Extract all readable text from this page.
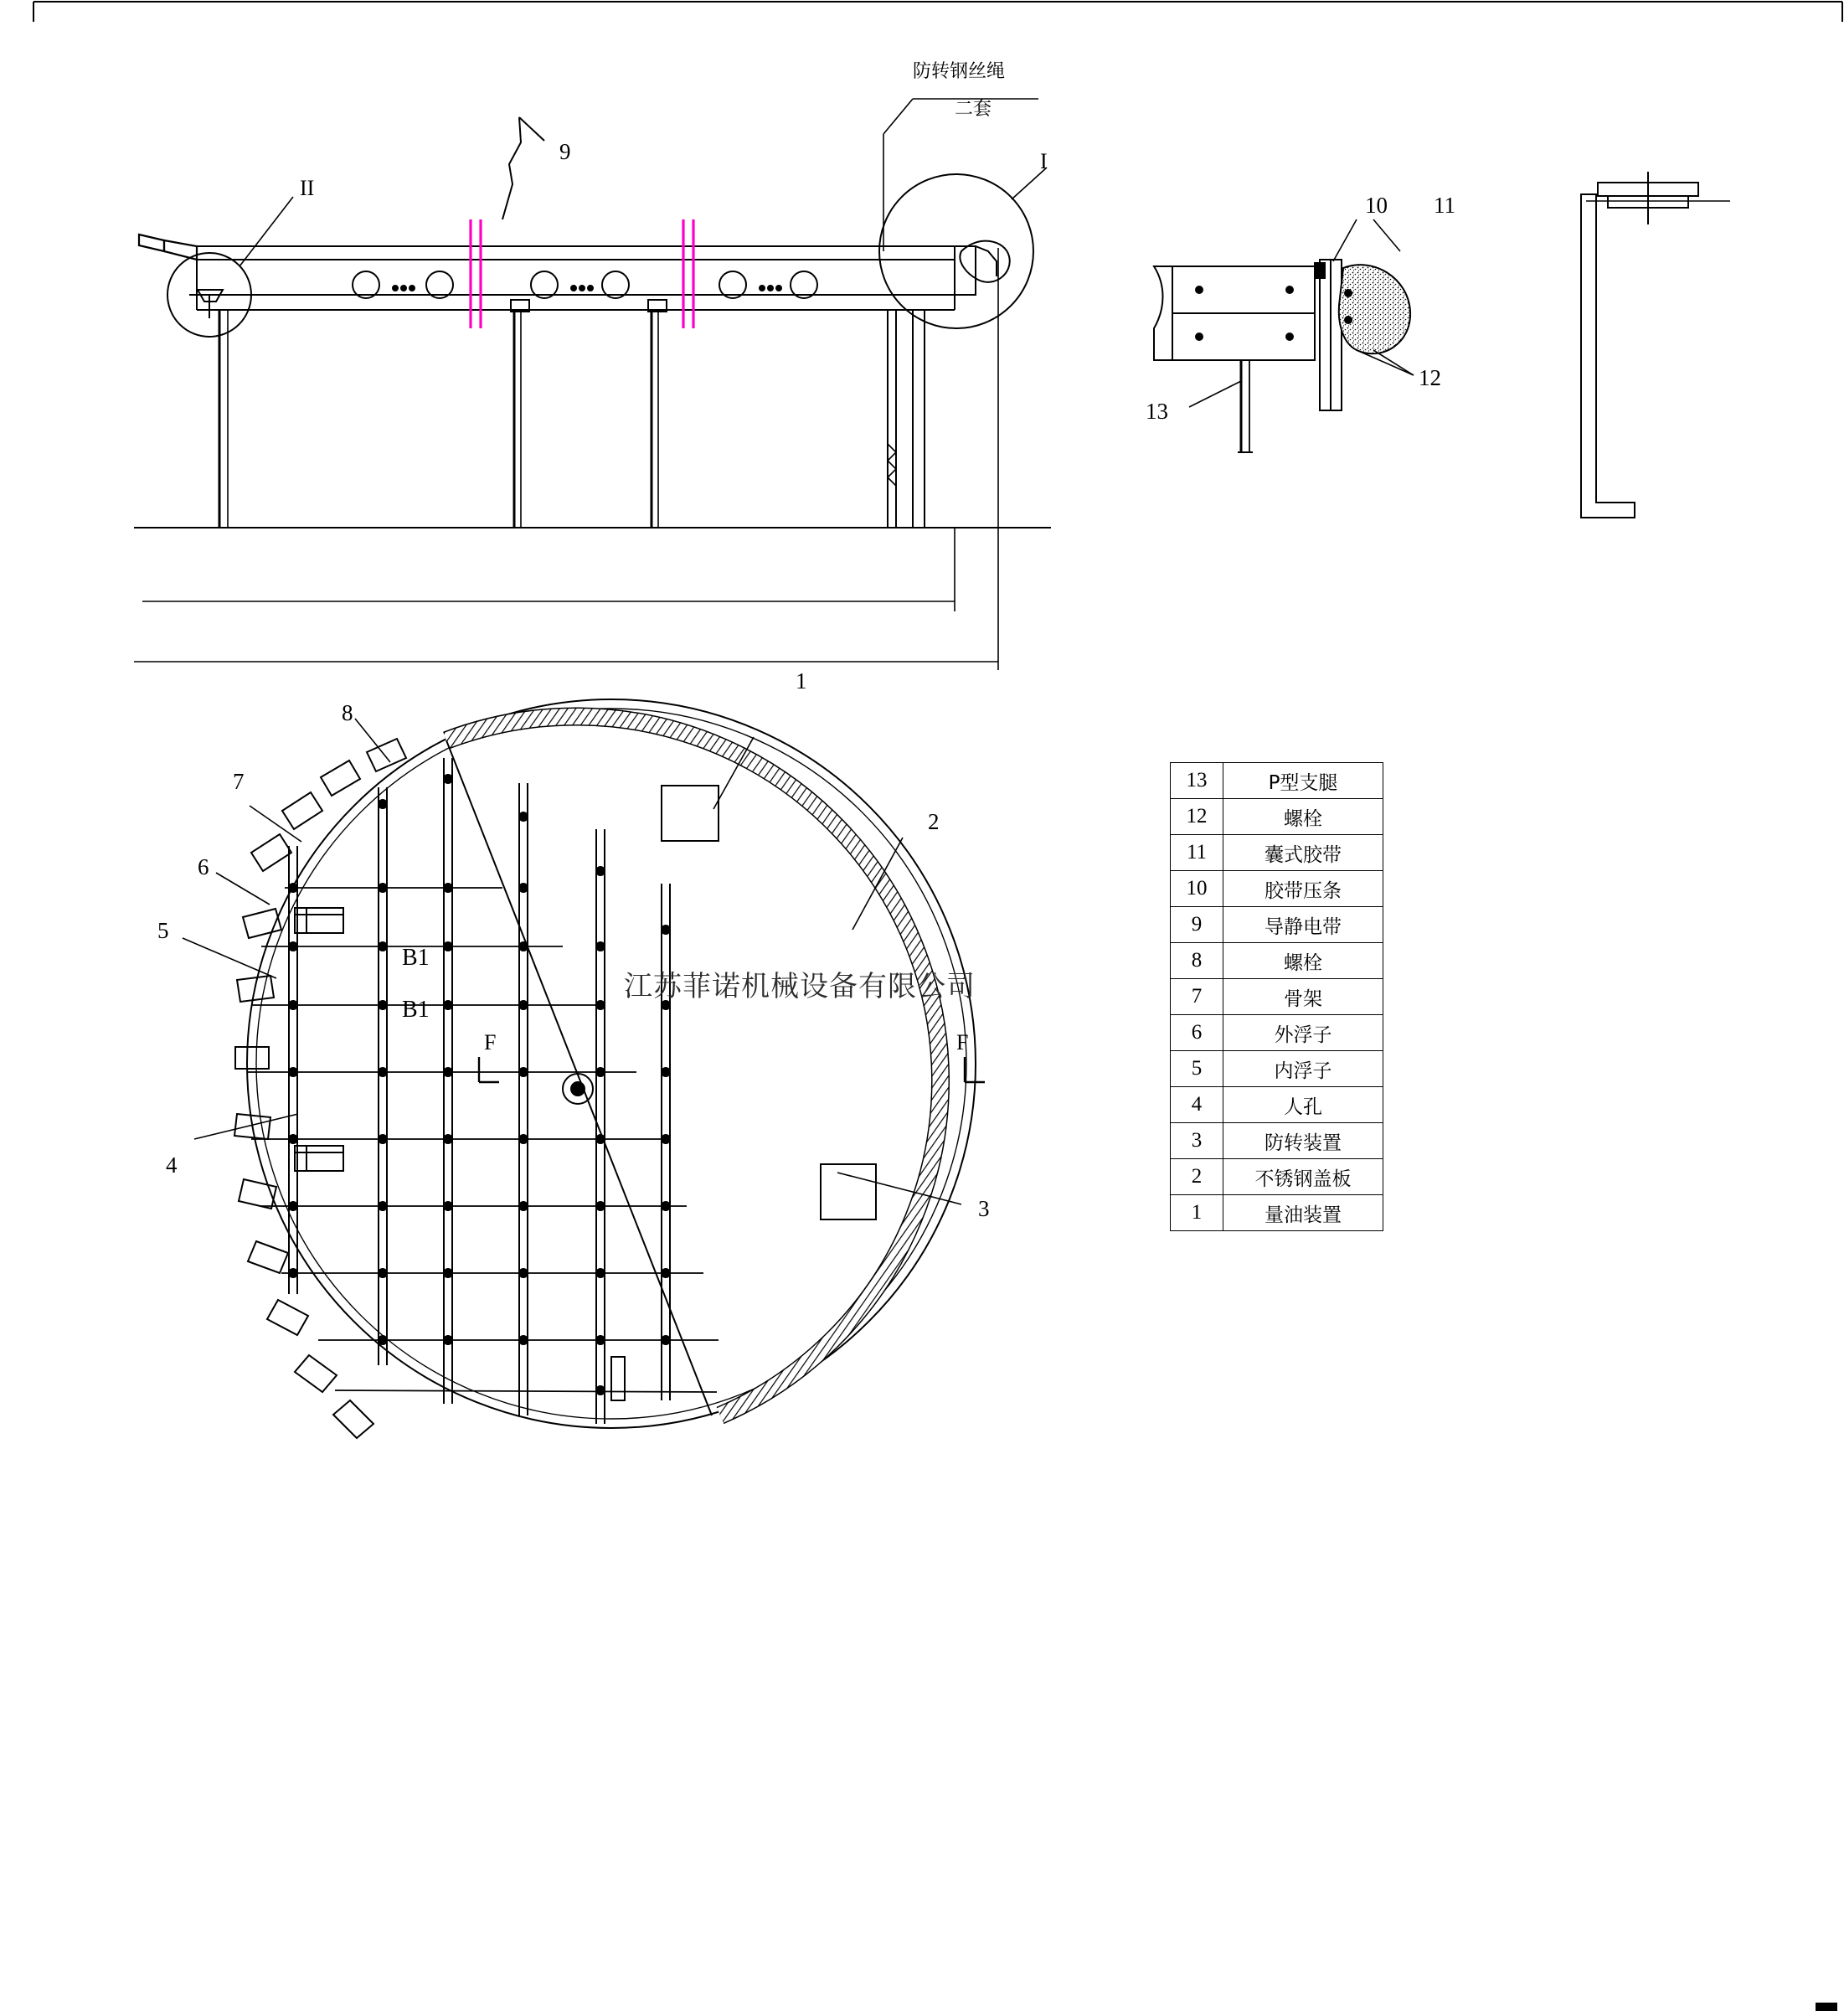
防转钢丝绳
二套
I
II
9
10 11
12
13
1
2
3
4
5
6
7
8
B1
B1
F	F
江苏菲诺机械设备有限公司
13	P型支腿
12	螺栓
11	囊式胶带
10	胶带压条
9	导静电带
8	螺栓
7	骨架
6	外浮子
5	内浮子
4	人孔
3	防转装置
2	不锈钢盖板
1	量油装置
